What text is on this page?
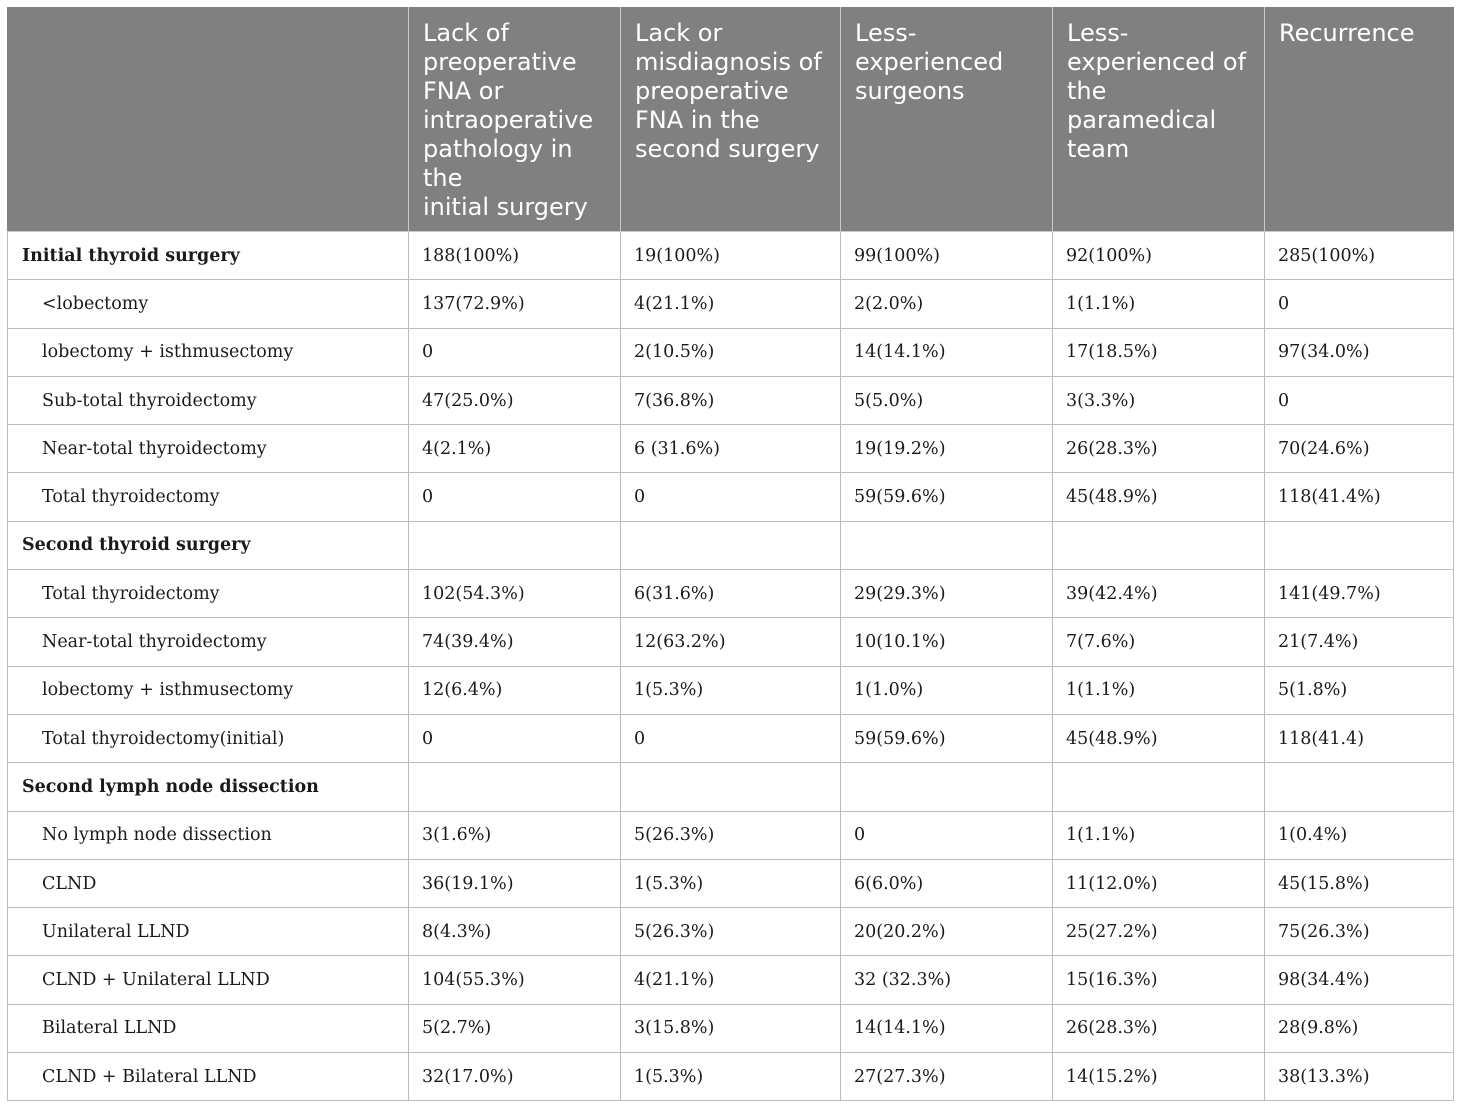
	Lack of preoperative FNA or intraoperative pathology in the
initial surgery	Lack or misdiagnosis of preoperative FNA in the second surgery	Less-experienced surgeons	Less-experienced of the paramedical team	Recurrence
Initial thyroid surgery	188(100%)	19(100%)	99(100%)	92(100%)	285(100%)
<lobectomy	137(72.9%)	4(21.1%)	2(2.0%)	1(1.1%)	0
lobectomy + isthmusectomy	0	2(10.5%)	14(14.1%)	17(18.5%)	97(34.0%)
Sub-total thyroidectomy	47(25.0%)	7(36.8%)	5(5.0%)	3(3.3%)	0
Near-total thyroidectomy	4(2.1%)	6 (31.6%)	19(19.2%)	26(28.3%)	70(24.6%)
Total thyroidectomy	0	0	59(59.6%)	45(48.9%)	118(41.4%)
Second thyroid surgery					
Total thyroidectomy	102(54.3%)	6(31.6%)	29(29.3%)	39(42.4%)	141(49.7%)
Near-total thyroidectomy	74(39.4%)	12(63.2%)	10(10.1%)	7(7.6%)	21(7.4%)
lobectomy + isthmusectomy	12(6.4%)	1(5.3%)	1(1.0%)	1(1.1%)	5(1.8%)
Total thyroidectomy(initial)	0	0	59(59.6%)	45(48.9%)	118(41.4)
Second lymph node dissection					
No lymph node dissection	3(1.6%)	5(26.3%)	0	1(1.1%)	1(0.4%)
CLND	36(19.1%)	1(5.3%)	6(6.0%)	11(12.0%)	45(15.8%)
Unilateral LLND	8(4.3%)	5(26.3%)	20(20.2%)	25(27.2%)	75(26.3%)
CLND + Unilateral LLND	104(55.3%)	4(21.1%)	32 (32.3%)	15(16.3%)	98(34.4%)
Bilateral LLND	5(2.7%)	3(15.8%)	14(14.1%)	26(28.3%)	28(9.8%)
CLND + Bilateral LLND	32(17.0%)	1(5.3%)	27(27.3%)	14(15.2%)	38(13.3%)
